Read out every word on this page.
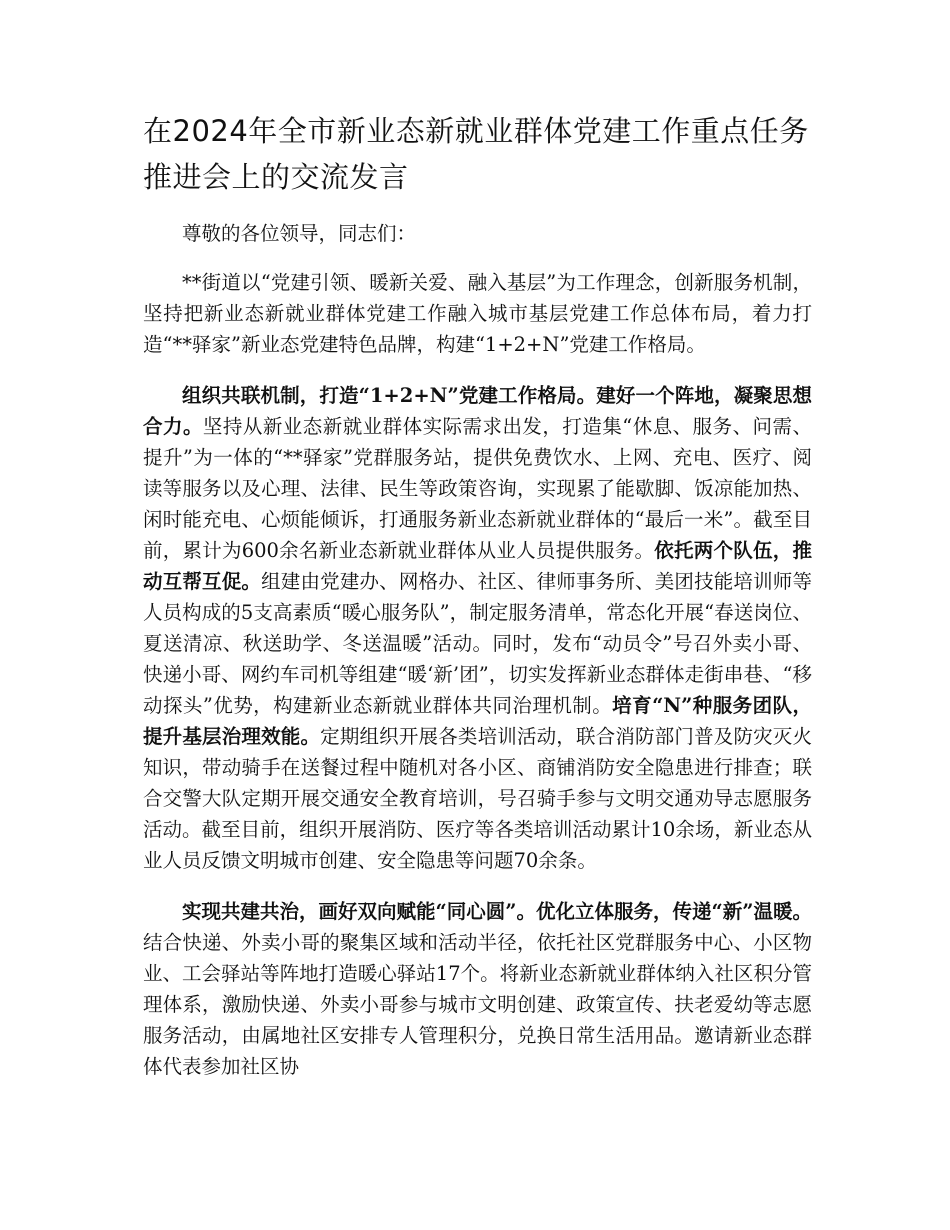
在2024年全市新业态新就业群体党建工作重点任务推进会上的交流发言

尊敬的各位领导，同志们：

**街道以“党建引领、暖新关爱、融入基层”为工作理念，创新服务机制，坚持把新业态新就业群体党建工作融入城市基层党建工作总体布局，着力打造“**驿家”新业态党建特色品牌，构建“1+2+N”党建工作格局。

组织共联机制，打造“1+2+N”党建工作格局。建好一个阵地，凝聚思想合力。坚持从新业态新就业群体实际需求出发，打造集“休息、服务、问需、提升”为一体的“**驿家”党群服务站，提供免费饮水、上网、充电、医疗、阅读等服务以及心理、法律、民生等政策咨询，实现累了能歇脚、饭凉能加热、闲时能充电、心烦能倾诉，打通服务新业态新就业群体的“最后一米”。截至目前，累计为600余名新业态新就业群体从业人员提供服务。依托两个队伍，推动互帮互促。组建由党建办、网格办、社区、律师事务所、美团技能培训师等人员构成的5支高素质“暖心服务队”，制定服务清单，常态化开展“春送岗位、夏送清凉、秋送助学、冬送温暖”活动。同时，发布“动员令”号召外卖小哥、快递小哥、网约车司机等组建“暖‘新’团”，切实发挥新业态群体走街串巷、“移动探头”优势，构建新业态新就业群体共同治理机制。培育“N”种服务团队，提升基层治理效能。定期组织开展各类培训活动，联合消防部门普及防灾灭火知识，带动骑手在送餐过程中随机对各小区、商铺消防安全隐患进行排查；联合交警大队定期开展交通安全教育培训，号召骑手参与文明交通劝导志愿服务活动。截至目前，组织开展消防、医疗等各类培训活动累计10余场，新业态从业人员反馈文明城市创建、安全隐患等问题70余条。

实现共建共治，画好双向赋能“同心圆”。优化立体服务，传递“新”温暖。结合快递、外卖小哥的聚集区域和活动半径，依托社区党群服务中心、小区物业、工会驿站等阵地打造暖心驿站17个。将新业态新就业群体纳入社区积分管理体系，激励快递、外卖小哥参与城市文明创建、政策宣传、扶老爱幼等志愿服务活动，由属地社区安排专人管理积分，兑换日常生活用品。邀请新业态群体代表参加社区协
